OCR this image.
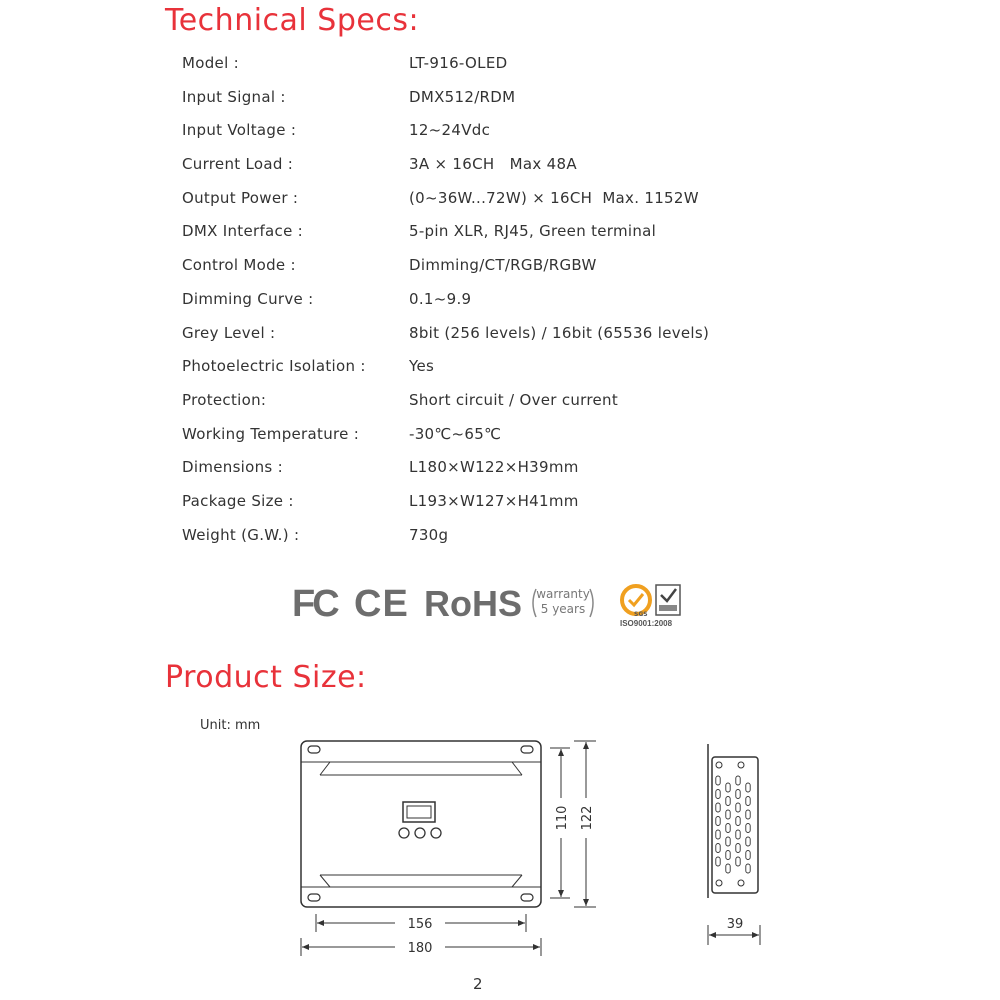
Technical Specs:
Model :	LT-916-OLED
Input Signal :	DMX512/RDM
Input Voltage :	12~24Vdc
Current Load :	3A × 16CH   Max 48A
Output Power :	(0~36W...72W) × 16CH  Max. 1152W
DMX Interface :	5-pin XLR, RJ45, Green terminal
Control Mode :	Dimming/CT/RGB/RGBW
Dimming Curve :	0.1~9.9
Grey Level :	8bit (256 levels) / 16bit (65536 levels)
Photoelectric Isolation :	Yes
Protection:	Short circuit / Over current
Working Temperature :	-30℃~65℃
Dimensions :	L180×W122×H39mm
Package Size :	L193×W127×H41mm
Weight (G.W.) :	730g
FC CE RoHS	warranty
5 years	SGS
ISO9001:2008
Product Size:
Unit: mm
156
180
110 122
39
2
